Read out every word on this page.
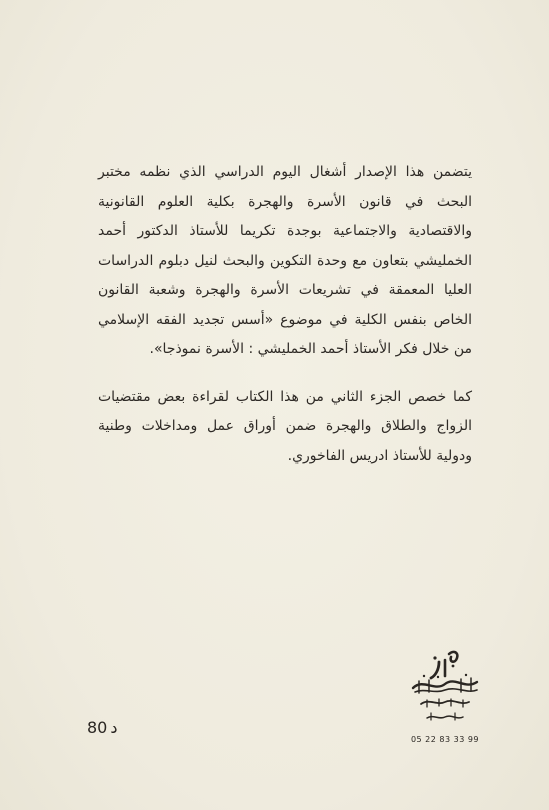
يتضمن هذا الإصدار أشغال اليوم الدراسي الذي نظمه مختبر البحث في قانون الأسرة والهجرة بكلية العلوم القانونية والاقتصادية والاجتماعية بوجدة تكريما للأستاذ الدكتور أحمد الخمليشي بتعاون مع وحدة التكوين والبحث لنيل دبلوم الدراسات العليا المعمقة في تشريعات الأسرة والهجرة وشعبة القانون الخاص بنفس الكلية في موضوع «أسس تجديد الفقه الإسلامي من خلال فكر الأستاذ أحمد الخمليشي : الأسرة نموذجا».

كما خصص الجزء الثاني من هذا الكتاب لقراءة بعض مقتضيات الزواج والطلاق والهجرة ضمن أوراق عمل ومداخلات وطنية ودولية للأستاذ ادريس الفاخوري.

80 د
05 22 83 33 99
